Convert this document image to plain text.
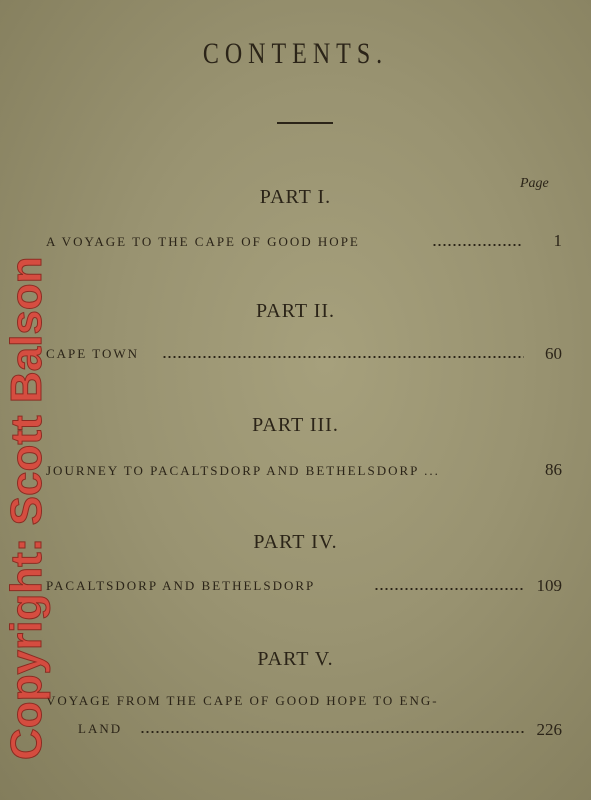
CONTENTS.
Page
PART I.
A VOYAGE TO THE CAPE OF GOOD HOPE	1
PART II.
CAPE TOWN	60
PART III.
JOURNEY TO PACALTSDORP AND BETHELSDORP ...	86
PART IV.
PACALTSDORP AND BETHELSDORP	109
PART V.
VOYAGE FROM THE CAPE OF GOOD HOPE TO ENG-
LAND	226
Copyright: Scott Balson
